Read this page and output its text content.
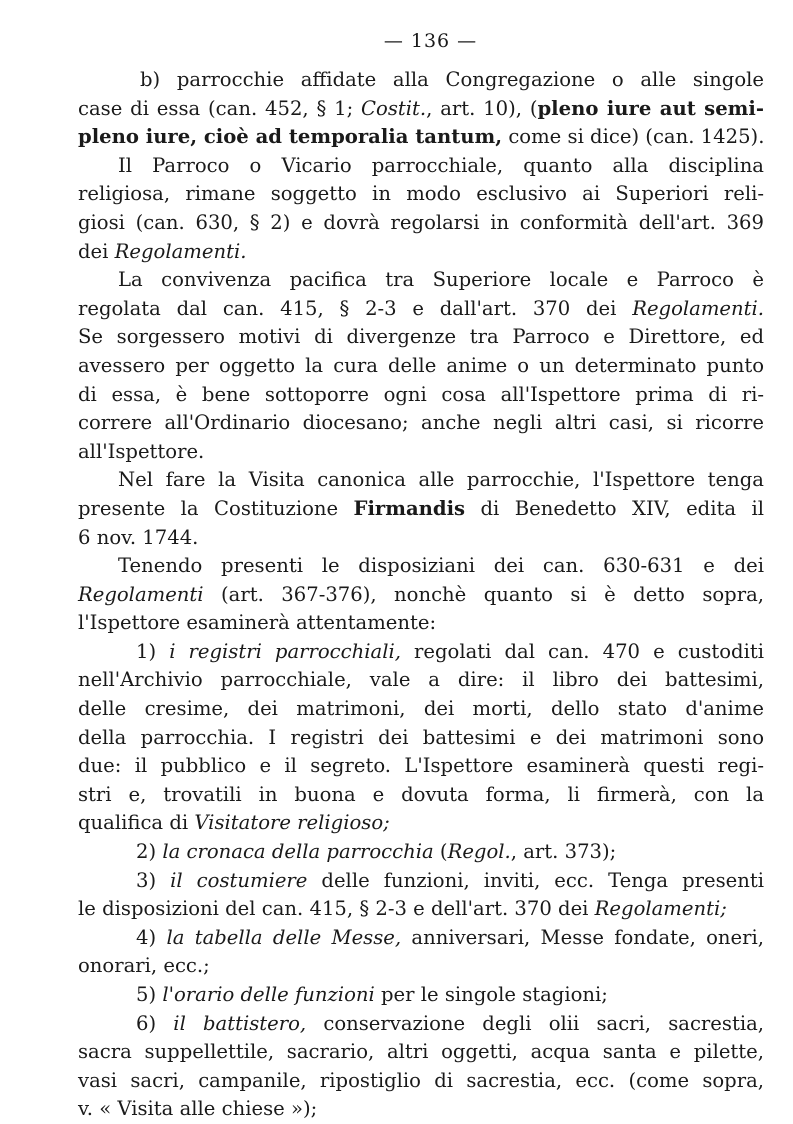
— 136 —

b) parrocchie affidate alla Congregazione o alle singole
case di essa (can. 452, § 1; Costit., art. 10), (pleno iure aut semi-
pleno iure, cioè ad temporalia tantum, come si dice) (can. 1425).

Il Parroco o Vicario parrocchiale, quanto alla disciplina
religiosa, rimane soggetto in modo esclusivo ai Superiori reli-
giosi (can. 630, § 2) e dovrà regolarsi in conformità dell'art. 369
dei Regolamenti.

La convivenza pacifica tra Superiore locale e Parroco è
regolata dal can. 415, § 2-3 e dall'art. 370 dei Regolamenti.
Se sorgessero motivi di divergenze tra Parroco e Direttore, ed
avessero per oggetto la cura delle anime o un determinato punto
di essa, è bene sottoporre ogni cosa all'Ispettore prima di ri-
correre all'Ordinario diocesano; anche negli altri casi, si ricorre
all'Ispettore.

Nel fare la Visita canonica alle parrocchie, l'Ispettore tenga
presente la Costituzione Firmandis di Benedetto XIV, edita il
6 nov. 1744.

Tenendo presenti le disposiziani dei can. 630-631 e dei
Regolamenti (art. 367-376), nonchè quanto si è detto sopra,
l'Ispettore esaminerà attentamente:

1) i registri parrocchiali, regolati dal can. 470 e custoditi
nell'Archivio parrocchiale, vale a dire: il libro dei battesimi,
delle cresime, dei matrimoni, dei morti, dello stato d'anime
della parrocchia. I registri dei battesimi e dei matrimoni sono
due: il pubblico e il segreto. L'Ispettore esaminerà questi regi-
stri e, trovatili in buona e dovuta forma, li firmerà, con la
qualifica di Visitatore religioso;

2) la cronaca della parrocchia (Regol., art. 373);

3) il costumiere delle funzioni, inviti, ecc. Tenga presenti
le disposizioni del can. 415, § 2-3 e dell'art. 370 dei Regolamenti;

4) la tabella delle Messe, anniversari, Messe fondate, oneri,
onorari, ecc.;

5) l'orario delle funzioni per le singole stagioni;

6) il battistero, conservazione degli olii sacri, sacrestia,
sacra suppellettile, sacrario, altri oggetti, acqua santa e pilette,
vasi sacri, campanile, ripostiglio di sacrestia, ecc. (come sopra,
v. « Visita alle chiese »);
